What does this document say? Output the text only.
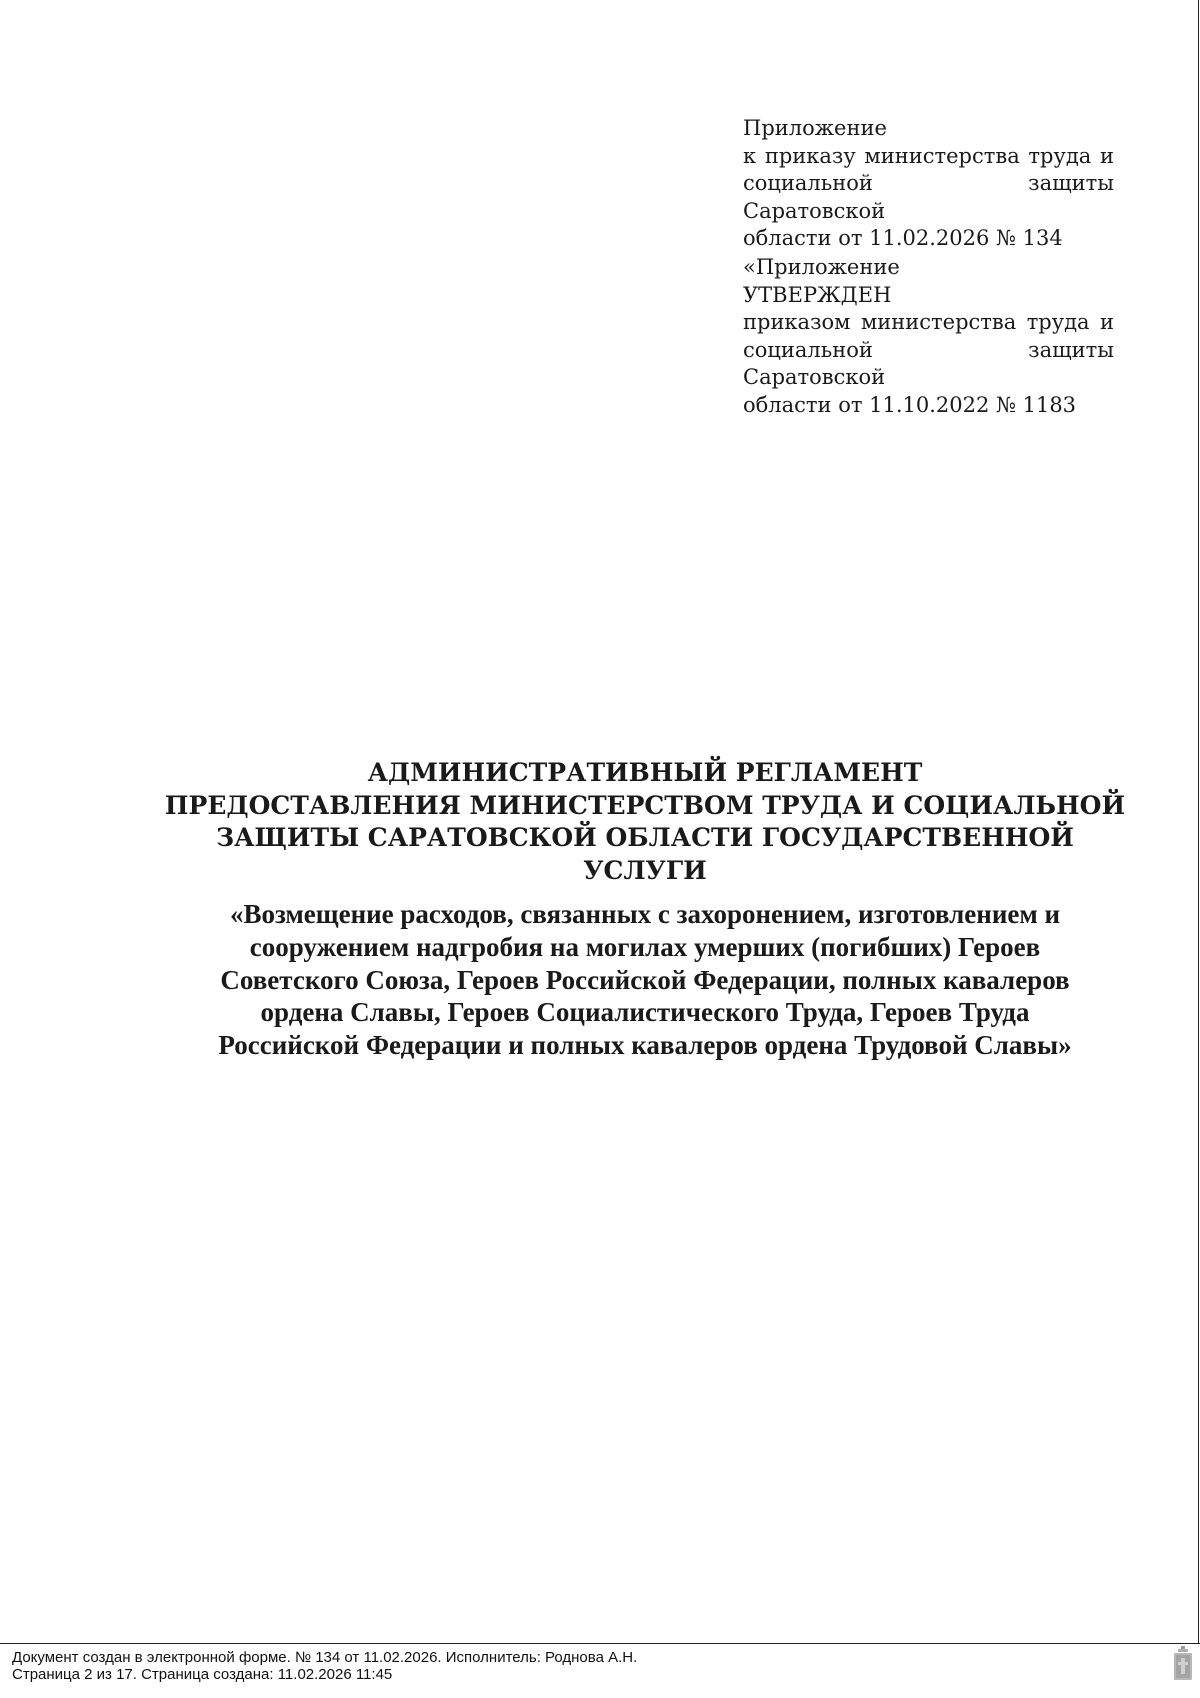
Приложение
к приказу министерства труда и
социальной защиты Саратовской
области от 11.02.2026 № 134
«Приложение
УТВЕРЖДЕН
приказом министерства труда и
социальной защиты Саратовской
области от 11.10.2022 № 1183
АДМИНИСТРАТИВНЫЙ РЕГЛАМЕНТ
ПРЕДОСТАВЛЕНИЯ МИНИСТЕРСТВОМ ТРУДА И СОЦИАЛЬНОЙ
ЗАЩИТЫ САРАТОВСКОЙ ОБЛАСТИ ГОСУДАРСТВЕННОЙ
УСЛУГИ
«Возмещение расходов, связанных с захоронением, изготовлением и
сооружением надгробия на могилах умерших (погибших) Героев
Советского Союза, Героев Российской Федерации, полных кавалеров
ордена Славы, Героев Социалистического Труда, Героев Труда
Российской Федерации и полных кавалеров ордена Трудовой Славы»
Документ создан в электронной форме. № 134 от 11.02.2026. Исполнитель: Роднова А.Н.
Страница 2 из 17. Страница создана: 11.02.2026 11:45
